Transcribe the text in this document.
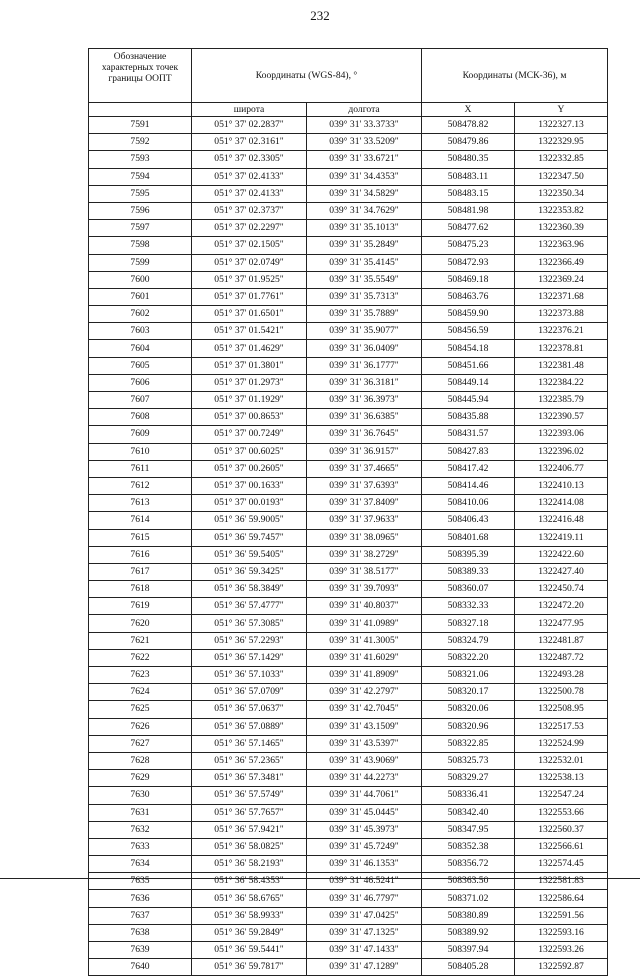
232
Обозначение характерных точек границы ООПТ	Координаты (WGS-84), °		Координаты (МСК-36), м	
	широта	долгота	X	Y
7591	051° 37' 02.2837"	039° 31' 33.3733"	508478.82	1322327.13
7592	051° 37' 02.3161"	039° 31' 33.5209"	508479.86	1322329.95
7593	051° 37' 02.3305"	039° 31' 33.6721"	508480.35	1322332.85
7594	051° 37' 02.4133"	039° 31' 34.4353"	508483.11	1322347.50
7595	051° 37' 02.4133"	039° 31' 34.5829"	508483.15	1322350.34
7596	051° 37' 02.3737"	039° 31' 34.7629"	508481.98	1322353.82
7597	051° 37' 02.2297"	039° 31' 35.1013"	508477.62	1322360.39
7598	051° 37' 02.1505"	039° 31' 35.2849"	508475.23	1322363.96
7599	051° 37' 02.0749"	039° 31' 35.4145"	508472.93	1322366.49
7600	051° 37' 01.9525"	039° 31' 35.5549"	508469.18	1322369.24
7601	051° 37' 01.7761"	039° 31' 35.7313"	508463.76	1322371.68
7602	051° 37' 01.6501"	039° 31' 35.7889"	508459.90	1322373.88
7603	051° 37' 01.5421"	039° 31' 35.9077"	508456.59	1322376.21
7604	051° 37' 01.4629"	039° 31' 36.0409"	508454.18	1322378.81
7605	051° 37' 01.3801"	039° 31' 36.1777"	508451.66	1322381.48
7606	051° 37' 01.2973"	039° 31' 36.3181"	508449.14	1322384.22
7607	051° 37' 01.1929"	039° 31' 36.3973"	508445.94	1322385.79
7608	051° 37' 00.8653"	039° 31' 36.6385"	508435.88	1322390.57
7609	051° 37' 00.7249"	039° 31' 36.7645"	508431.57	1322393.06
7610	051° 37' 00.6025"	039° 31' 36.9157"	508427.83	1322396.02
7611	051° 37' 00.2605"	039° 31' 37.4665"	508417.42	1322406.77
7612	051° 37' 00.1633"	039° 31' 37.6393"	508414.46	1322410.13
7613	051° 37' 00.0193"	039° 31' 37.8409"	508410.06	1322414.08
7614	051° 36' 59.9005"	039° 31' 37.9633"	508406.43	1322416.48
7615	051° 36' 59.7457"	039° 31' 38.0965"	508401.68	1322419.11
7616	051° 36' 59.5405"	039° 31' 38.2729"	508395.39	1322422.60
7617	051° 36' 59.3425"	039° 31' 38.5177"	508389.33	1322427.40
7618	051° 36' 58.3849"	039° 31' 39.7093"	508360.07	1322450.74
7619	051° 36' 57.4777"	039° 31' 40.8037"	508332.33	1322472.20
7620	051° 36' 57.3085"	039° 31' 41.0989"	508327.18	1322477.95
7621	051° 36' 57.2293"	039° 31' 41.3005"	508324.79	1322481.87
7622	051° 36' 57.1429"	039° 31' 41.6029"	508322.20	1322487.72
7623	051° 36' 57.1033"	039° 31' 41.8909"	508321.06	1322493.28
7624	051° 36' 57.0709"	039° 31' 42.2797"	508320.17	1322500.78
7625	051° 36' 57.0637"	039° 31' 42.7045"	508320.06	1322508.95
7626	051° 36' 57.0889"	039° 31' 43.1509"	508320.96	1322517.53
7627	051° 36' 57.1465"	039° 31' 43.5397"	508322.85	1322524.99
7628	051° 36' 57.2365"	039° 31' 43.9069"	508325.73	1322532.01
7629	051° 36' 57.3481"	039° 31' 44.2273"	508329.27	1322538.13
7630	051° 36' 57.5749"	039° 31' 44.7061"	508336.41	1322547.24
7631	051° 36' 57.7657"	039° 31' 45.0445"	508342.40	1322553.66
7632	051° 36' 57.9421"	039° 31' 45.3973"	508347.95	1322560.37
7633	051° 36' 58.0825"	039° 31' 45.7249"	508352.38	1322566.61
7634	051° 36' 58.2193"	039° 31' 46.1353"	508356.72	1322574.45
7635	051° 36' 58.4353"	039° 31' 46.5241"	508363.50	1322581.83
7636	051° 36' 58.6765"	039° 31' 46.7797"	508371.02	1322586.64
7637	051° 36' 58.9933"	039° 31' 47.0425"	508380.89	1322591.56
7638	051° 36' 59.2849"	039° 31' 47.1325"	508389.92	1322593.16
7639	051° 36' 59.5441"	039° 31' 47.1433"	508397.94	1322593.26
7640	051° 36' 59.7817"	039° 31' 47.1289"	508405.28	1322592.87
